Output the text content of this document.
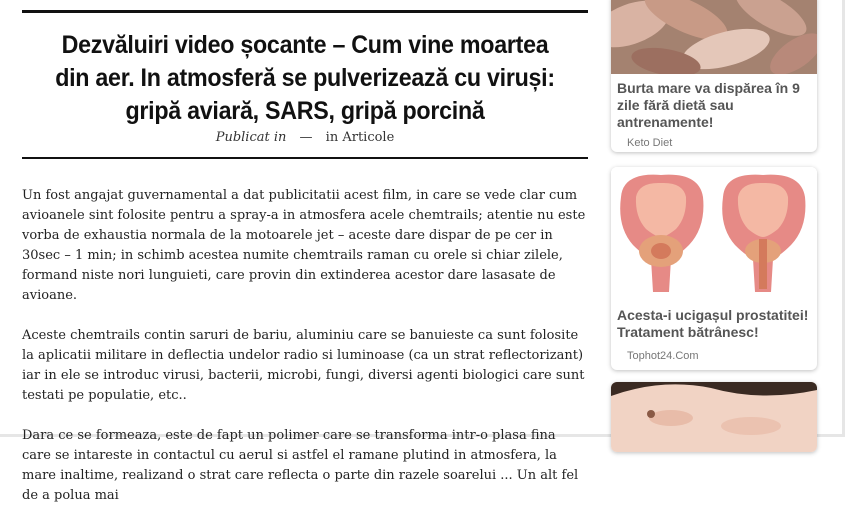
Dezvăluiri video șocante – Cum vine moartea din aer. In atmosferă se pulverizează cu viruși: gripă aviară, SARS, gripă porcină
Publicat in — in Articole

Un fost angajat guvernamental a dat publicitatii acest film, in care se vede clar cum avioanele sint folosite pentru a spray-a in atmosfera acele chemtrails; atentie nu este vorba de exhaustia normala de la motoarele jet – aceste dare dispar de pe cer in 30sec – 1 min; in schimb acestea numite chemtrails raman cu orele si chiar zilele, formand niste nori lunguieti, care provin din extinderea acestor dare lasasate de avioane.

Aceste chemtrails contin saruri de bariu, aluminiu care se banuieste ca sunt folosite la aplicatii militare in deflectia undelor radio si luminoase (ca un strat reflectorizant) iar in ele se introduc virusi, bacterii, microbi, fungi, diversi agenti biologici care sunt testati pe populatie, etc..

Dara ce se formeaza, este de fapt un polimer care se transforma intr-o plasa fina care se intareste in contactul cu aerul si astfel el ramane plutind in atmosfera, la mare inaltime, realizand o strat care reflecta o parte din razele soarelui ... Un alt fel de a polua mai

Burta mare va dispărea în 9 zile fără dietă sau antrenamente!
Keto Diet
Acesta-i ucigașul prostatitei! Tratament bătrânesc!
Tophot24.Com
